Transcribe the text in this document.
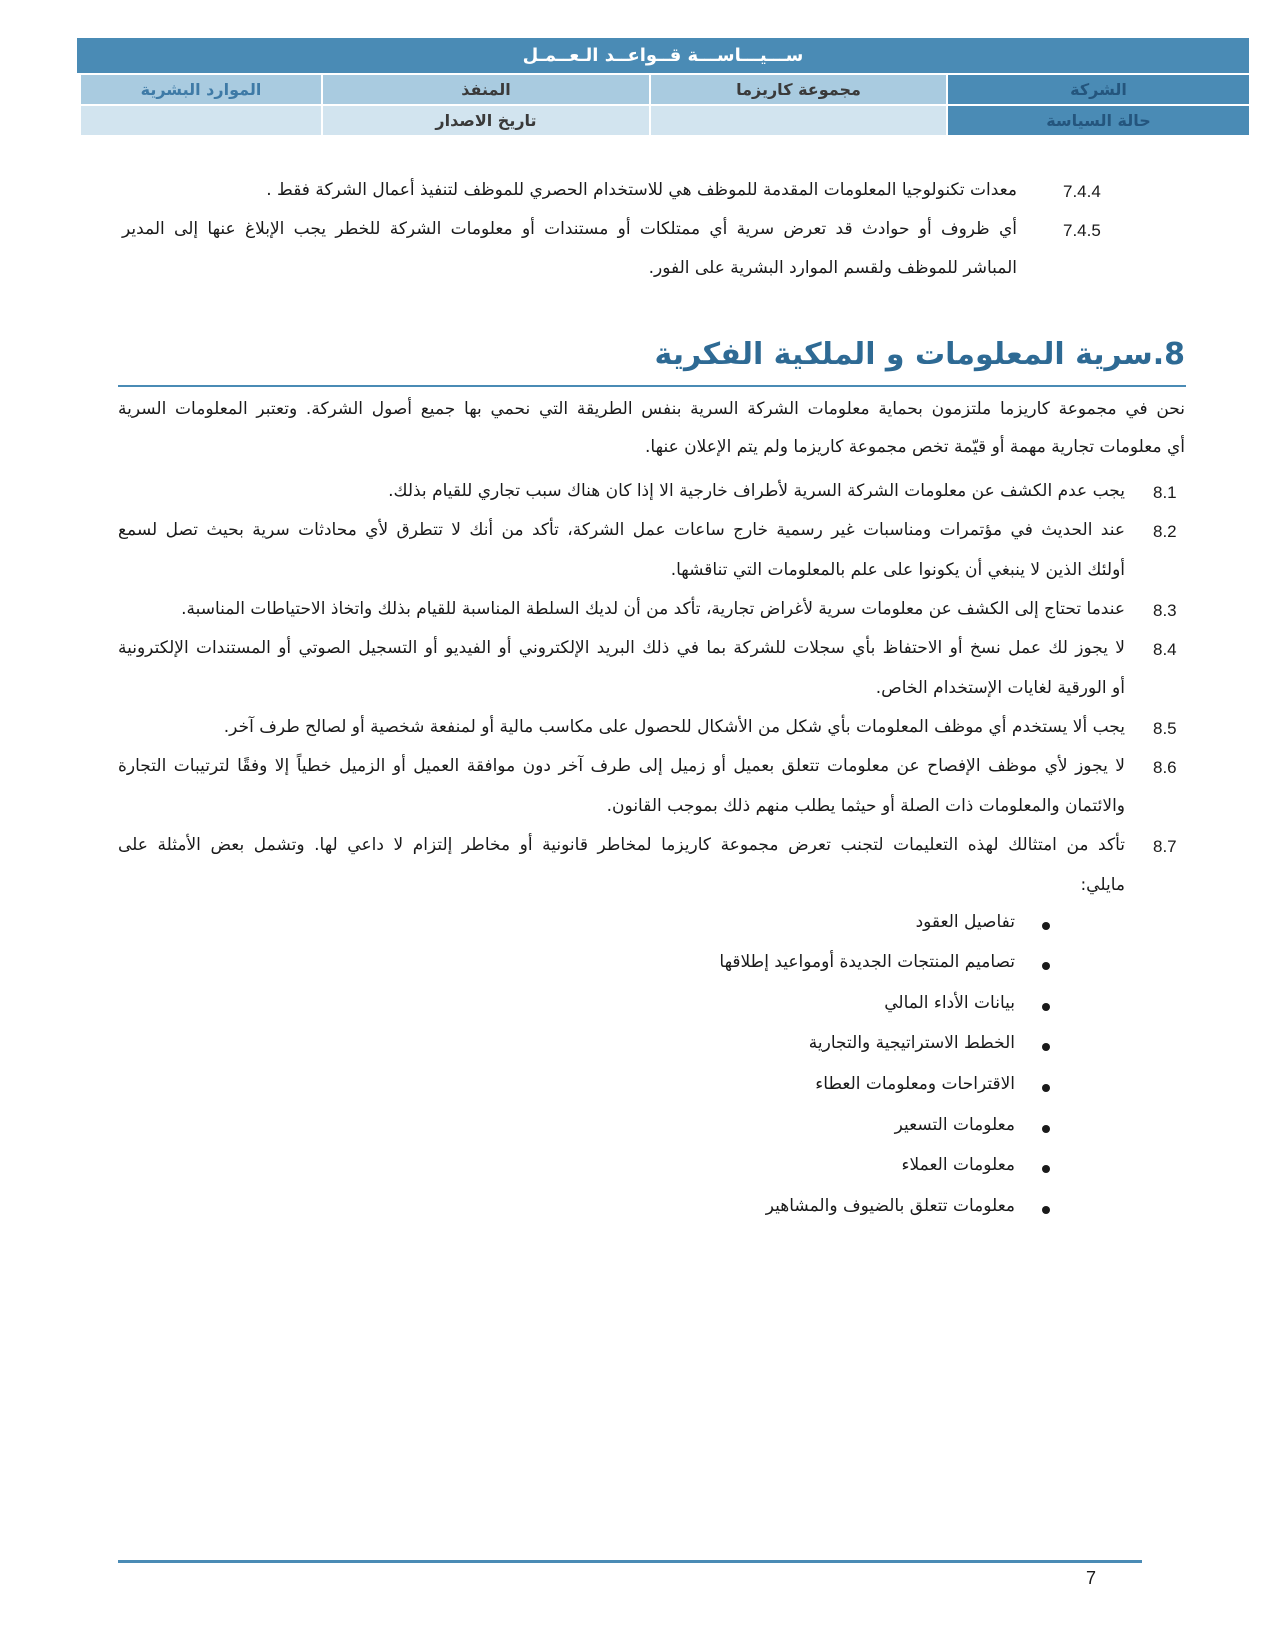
ســـيـــاســـة قــواعــد الـعــمـل
الشركة
مجموعة كاريزما
المنفذ
الموارد البشرية
حالة السياسة
تاريخ الاصدار
7.4.4
معدات تكنولوجيا المعلومات المقدمة للموظف هي للاستخدام الحصري للموظف لتنفيذ أعمال الشركة فقط .
7.4.5
أي ظروف أو حوادث قد تعرض سرية أي ممتلكات أو مستندات أو معلومات الشركة للخطر يجب الإبلاغ عنها إلى المدير
المباشر للموظف ولقسم الموارد البشرية على الفور.
8.سرية المعلومات و الملكية الفكرية
نحن في مجموعة كاريزما ملتزمون بحماية معلومات الشركة السرية بنفس الطريقة التي نحمي بها جميع أصول الشركة. وتعتبر المعلومات السرية
أي معلومات تجارية مهمة أو قيّمة تخص مجموعة كاريزما ولم يتم الإعلان عنها.
8.1
يجب عدم الكشف عن معلومات الشركة السرية لأطراف خارجية الا إذا كان هناك سبب تجاري للقيام بذلك.
8.2
عند الحديث في مؤتمرات ومناسبات غير رسمية خارج ساعات عمل الشركة، تأكد من أنك لا تتطرق لأي محادثات سرية بحيث تصل لسمع
أولئك الذين لا ينبغي أن يكونوا على علم بالمعلومات التي تناقشها.
8.3
عندما تحتاج إلى الكشف عن معلومات سرية لأغراض تجارية، تأكد من أن لديك السلطة المناسبة للقيام بذلك واتخاذ الاحتياطات المناسبة.
8.4
لا يجوز لك عمل نسخ أو الاحتفاظ بأي سجلات للشركة بما في ذلك البريد الإلكتروني أو الفيديو أو التسجيل الصوتي أو المستندات الإلكترونية
أو الورقية لغايات الإستخدام الخاص.
8.5
يجب ألا يستخدم أي موظف المعلومات بأي شكل من الأشكال للحصول على مكاسب مالية أو لمنفعة شخصية أو لصالح طرف آخر.
8.6
لا يجوز لأي موظف الإفصاح عن معلومات تتعلق بعميل أو زميل إلى طرف آخر دون موافقة العميل أو الزميل خطياً إلا وفقًا لترتيبات التجارة
والائتمان والمعلومات ذات الصلة أو حيثما يطلب منهم ذلك بموجب القانون.
8.7
تأكد من امتثالك لهذه التعليمات لتجنب تعرض مجموعة كاريزما لمخاطر قانونية أو مخاطر إلتزام لا داعي لها. وتشمل بعض الأمثلة على
مايلي:
تفاصيل العقود
تصاميم المنتجات الجديدة أومواعيد إطلاقها
بيانات الأداء المالي
الخطط الاستراتيجية والتجارية
الاقتراحات ومعلومات العطاء
معلومات التسعير
معلومات العملاء
معلومات تتعلق بالضيوف والمشاهير
7
